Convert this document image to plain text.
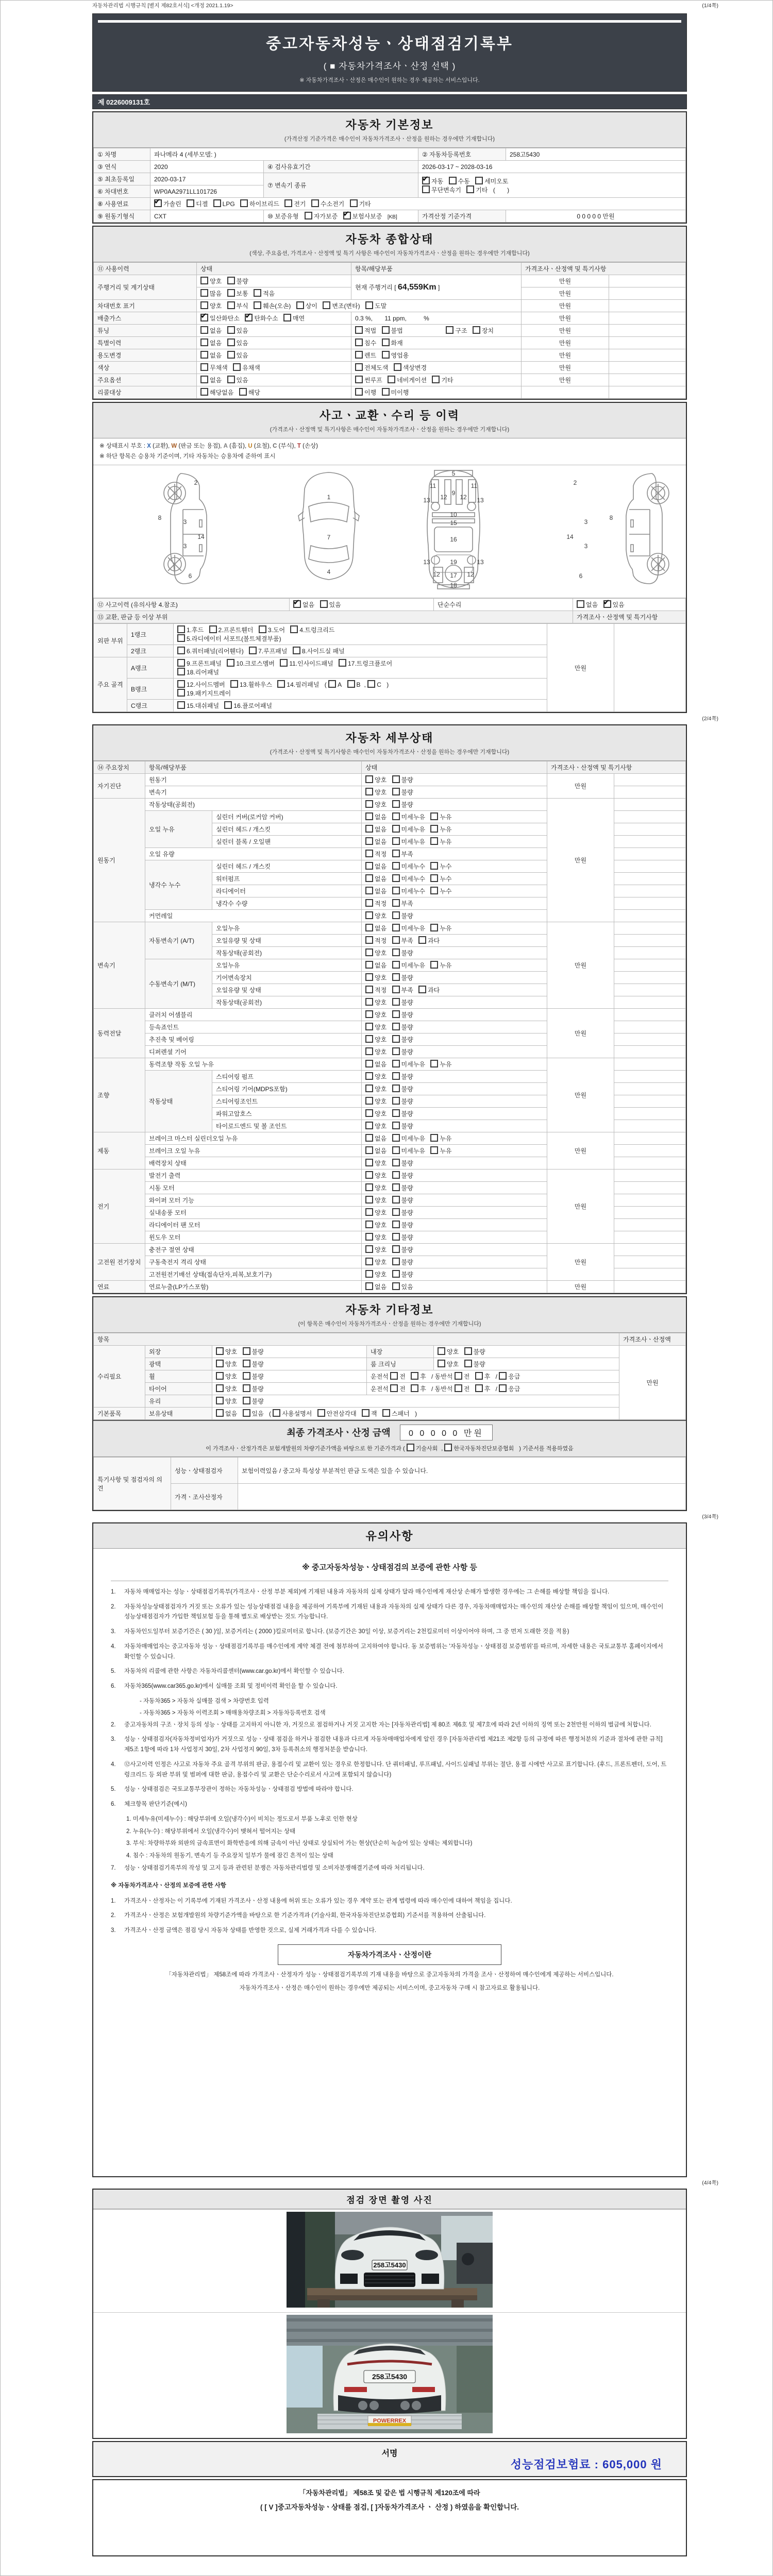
자동차관리법 시행규칙 [별지 제82호서식] <개정 2021.1.19>	(1/4쪽)
중고자동차성능ㆍ상태점검기록부
( ■ 자동차가격조사ㆍ산정 선택 )
※ 자동차가격조사ㆍ산정은 매수인이 원하는 경우 제공하는 서비스입니다.
제 0226009131호
자동차 기본정보
(가격산정 기준가격은 매수인이 자동차가격조사ㆍ산정을 원하는 경우에만 기재합니다)
① 차명	파나메라 4 (세부모델: )		② 자동차등록번호	258고5430
③ 연식	2020	④ 검사유효기간	2026-03-17 ~ 2028-03-16	
⑤ 최초등록일	2020-03-17	⑦ 변속기 종류	
✔자동 수동 세미오토
무단변속기 기타 (       )

⑥ 차대번호	WP0AA2971LL101726			
⑧ 사용연료	✔가솔린 디젤 LPG 하이브리드 전기 수소전기 기타
⑨ 원동기형식	CXT	⑩ 보증유형 자가보증 ✔ 보험사보증 [KB]	가격산정 기준가격	0 0 0 0 0 만원
자동차 종합상태
(색상, 주요옵션, 가격조사ㆍ산정액 및 특기 사항은 매수인이 자동차가격조사ㆍ산정을 원하는 경우에만 기재합니다)
⑪ 사용이력	상태	항목/해당부품	가격조사ㆍ산정액 및 특기사항	
주행거리 및 계기상태	양호 불량	현재 주행거리 [ 64,559Km ]	만원	
	많음 보통 적음		만원	
차대번호 표기	양호 부식 훼손(오손) 상이 변조(변타) 도말		만원	
배출가스	✔일산화탄소 ✔ 탄화수소 매연	0.3 %,       11 ppm,          %	만원	
튜닝	없음 있음	적법 불법 구조 장치	만원	
특별이력	없음 있음	침수 화재	만원	
용도변경	없음 있음	렌트 영업용	만원	
색상	무채색 유채색	전체도색 색상변경	만원	
주요옵션	없음 있음	썬루프 네비게이션 기타	만원	
리콜대상	해당없음 해당	이행 미이행		
사고ㆍ교환ㆍ수리 등 이력
(가격조사ㆍ산정액 및 특기사항은 매수인이 자동차가격조사ㆍ산정을 원하는 경우에만 기재합니다)
※ 상태표시 부호 : X (교환), W (판금 또는 용접), A (흠집), U (요철), C (부식), T (손상)
※ 하단 항목은 승용차 기준이며, 기타 자동차는 승용차에 준하여 표시
2
8
3
14
3
6
1
7
4
5
11
9
11
13 12 12 13
10
15
16
19
13	13
12 17 12
18
2
8
3
14
3
6
⑫ 사고이력 (유의사항 4.참조)	✔없음 있음	단순수리	없음 ✔ 있음
⑬ 교환, 판금 등 이상 부위			가격조사ㆍ산정액 및 특기사항
외판 부위	1랭크	1.후드 2.프론트휀더 3.도어 4.트렁크리드
5.라디에이터 서포트(볼트체결부품)	만원	
	2랭크	6.쿼터패널(리어휀다) 7.루프패널 8.사이드실 패널		

주요 골격	A랭크	9.프론트패널 10.크로스멤버 11.인사이드패널 17.트렁크플로어
18.리어패널		

	B랭크	12.사이드멤버 13.휠하우스 14.필러패널 ( A B , C )
19.패키지트레이		

	C랭크	15.대쉬패널 16.플로어패널		
(2/4쪽)
자동차 세부상태
(가격조사ㆍ산정액 및 특기사항은 매수인이 자동차가격조사ㆍ산정을 원하는 경우에만 기재합니다)
⑭ 주요장치	항목/해당부품		상태	가격조사ㆍ산정액 및 특기사항	
자기진단	원동기		양호 불량	만원	
	변속기		양호 불량		
원동기	작동상태(공회전)		양호 불량	만원	
	오일 누유	실린더 커버(로커암 커버)	없음 미세누유 누유		
		실린더 헤드 / 개스킷	없음 미세누유 누유		
		실린더 블록 / 오일팬	없음 미세누유 누유		
	오일 유량		적정 부족		
	냉각수 누수	실린더 헤드 / 개스킷	없음 미세누수 누수		
		워터펌프	없음 미세누수 누수		
		라디에이터	없음 미세누수 누수		
		냉각수 수량	적정 부족		
	커먼레일		양호 불량		
변속기	자동변속기 (A/T)	오일누유	없음 미세누유 누유	만원	
		오일유량 및 상태	적정 부족 과다		
		작동상태(공회전)	양호 불량		
	수동변속기 (M/T)	오일누유	없음 미세누유 누유		
		기어변속장치	양호 불량		
		오일유량 및 상태	적정 부족 과다		
		작동상태(공회전)	양호 불량		
동력전달	클러치 어셈블리		양호 불량	만원	
	등속죠인트		양호 불량		
	추진축 및 베어링		양호 불량		
	디퍼렌셜 기어		양호 불량		
조향	동력조향 작동 오일 누유		없음 미세누유 누유	만원	
	작동상태	스티어링 펌프	양호 불량		
		스티어링 기어(MDPS포함)	양호 불량		
		스티어링조인트	양호 불량		
		파워고압호스	양호 불량		
		타이로드엔드 및 볼 조인트	양호 불량		
제동	브레이크 마스터 실린더오일 누유		없음 미세누유 누유	만원	
	브레이크 오일 누유		없음 미세누유 누유		
	배력장치 상태		양호 불량		
전기	발전기 출력		양호 불량	만원	
	시동 모터		양호 불량		
	와이퍼 모터 기능		양호 불량		
	실내송풍 모터		양호 불량		
	라디에이터 팬 모터		양호 불량		
	윈도우 모터		양호 불량		
고전원 전기장치	충전구 절연 상태		양호 불량	만원	
	구동축전지 격리 상태		양호 불량		
	고전원전기배선 상태(접속단자,피복,보호기구)		양호 불량		
연료	연료누출(LP가스포함)		없음 있음	만원	
자동차 기타정보
(이 항목은 매수인이 자동차가격조사ㆍ산정을 원하는 경우에만 기재합니다)
항목					가격조사ㆍ산정액
수리필요	외장	양호 불량	내장	양호 불량	만원
	광택	양호 불량	룸 크리닝	양호 불량	
	휠	양호 불량	운전석 전 후 / 동반석 전 후 / 응급		
	타이어	양호 불량	운전석 전 후 / 동반석 전 후 / 응급		
	유리	양호 불량			
기본품목	보유상태	없음 있음 ( 사용설명서 안전삼각대 잭 스패너 )			
최종 가격조사ㆍ산정 금액 0 0 0 0 0 만원
이 가격조사ㆍ산정가격은 보험개발원의 차량기준가액을 바탕으로 한 기준가격과 ( 기술사회 , 한국자동차진단보증협회 ) 기준서를 적용하였음
특기사항 및 점검자의 의견	성능ㆍ상태점검자	보험이력있음 / 중고차 특성상 부분적인 판금 도색은 있을 수 있습니다.
	가격ㆍ조사산정자	
(3/4쪽)
유의사항
※ 중고자동차성능ㆍ상태점검의 보증에 관한 사항 등
1.	자동차 매매업자는 성능ㆍ상태점검기록부(가격조사ㆍ산정 부분 제외)에 기재된 내용과 자동차의 실제 상태가 달라 매수인에게 재산상 손해가 발생한 경우에는 그 손해를 배상할 책임을 집니다.
2.	자동차성능상태점검자가 거짓 또는 오류가 있는 성능상태점검 내용을 제공하여 기록부에 기재된 내용과 자동차의 실제 상태가 다른 경우, 자동차매매업자는 매수인의 재산상 손해를 배상할 책임이 있으며, 매수인이 성능상태점검자가 가입한 책임보험 등을 통해 별도로 배상받는 것도 가능합니다.
3.	자동차인도일부터 보증기간은 ( 30 )일, 보증거리는 ( 2000 )킬로미터로 합니다. (보증기간은 30일 이상, 보증거리는 2천킬로미터 이상이어야 하며, 그 중 먼저 도래한 것을 적용)
4.	자동차매매업자는 중고자동차 성능ㆍ상태점검기록부를 매수인에게 계약 체결 전에 첨부하여 고지하여야 합니다. 동 보증범위는 '자동차성능ㆍ상태점검 보증범위'를 따르며, 자세한 내용은 국토교통부 홈페이지에서 확인할 수 있습니다.
5.	자동차의 리콜에 관한 사항은 자동차리콜센터(www.car.go.kr)에서 확인할 수 있습니다.
6.	자동차365(www.car365.go.kr)에서 실매물 조회 및 정비이력 확인을 할 수 있습니다.
- 자동차365 > 자동차 실매물 검색 > 차량번호 입력
- 자동차365 > 자동차 이력조회 > 매매용차량조회 > 자동차등록번호 검색
2.	중고자동차의 구조ㆍ장치 등의 성능ㆍ상태를 고지하지 아니한 자, 거짓으로 점검하거나 거짓 고지한 자는 [자동차관리법] 제 80조 제6호 및 제7호에 따라 2년 이하의 징역 또는 2천만원 이하의 벌금에 처합니다.
3.	성능ㆍ상태점검자(자동차정비업자)가 거짓으로 성능ㆍ상태 점검을 하거나 점검한 내용과 다르게 자동차매매업자에게 알린 경우 [자동차관리법 제21조 제2항 등의 규정에 따른 행정처분의 기준과 절차에 관한 규칙] 제5조 1항에 따라 1차 사업정지 30일, 2차 사업정지 90일, 3차 등록취소의 행정처분을 받습니다.
4.	⑫사고이력 인정은 사고로 자동차 주요 골격 부위의 판금, 용접수리 및 교환이 있는 경우로 한정합니다. 단 쿼터패널, 루프패널, 사이드실패널 부위는 절단, 용접 시에만 사고로 표기합니다. (후드, 프론트펜더, 도어, 트렁크리드 등 외판 부위 및 범퍼에 대한 판금, 용접수리 및 교환은 단순수리로서 사고에 포함되지 않습니다)
5.	성능ㆍ상태점검은 국토교통부장관이 정하는 자동차성능ㆍ상태점검 방법에 따라야 합니다.
6.	체크항목 판단기준(예시)
1. 미세누유(미세누수) : 해당부위에 오일(냉각수)이 비치는 정도로서 부품 노후로 인한 현상
2. 누유(누수) : 해당부위에서 오일(냉각수)이 맺혀서 떨어지는 상태
3. 부식: 차량하부와 외판의 금속표면이 화학반응에 의해 금속이 아닌 상태로 상실되어 가는 현상(단순히 녹슬어 있는 상태는 제외합니다)
4. 침수 : 자동차의 원동기, 변속기 등 주요장치 일부가 물에 잠긴 흔적이 있는 상태
7.	성능ㆍ상태점검기록부의 작성 및 고지 등과 관련된 분쟁은 자동차관리법령 및 소비자분쟁해결기준에 따라 처리됩니다.
※ 자동차가격조사ㆍ산정의 보증에 관한 사항
1.	가격조사ㆍ산정자는 이 기록부에 기재된 가격조사ㆍ산정 내용에 허위 또는 오류가 있는 경우 계약 또는 관계 법령에 따라 매수인에 대하여 책임을 집니다.
2.	가격조사ㆍ산정은 보험개발원의 차량기준가액을 바탕으로 한 기준가격과 (기술사회, 한국자동차진단보증협회) 기준서를 적용하여 산출됩니다.
3.	가격조사ㆍ산정 금액은 점검 당시 자동차 상태를 반영한 것으로, 실제 거래가격과 다를 수 있습니다.
자동차가격조사ㆍ산정이란
「자동차관리법」 제58조에 따라 가격조사ㆍ산정자가 성능ㆍ상태점검기록부의 기재 내용을 바탕으로 중고자동차의 가격을 조사ㆍ산정하여 매수인에게 제공하는 서비스입니다.
자동차가격조사ㆍ산정은 매수인이 원하는 경우에만 제공되는 서비스이며, 중고자동차 구매 시 참고자료로 활용됩니다.
(4/4쪽)
점검 장면 촬영 사진
258고5430
258고5430
POWERREX
서명
성능점검보험료 : 605,000 원
「자동차관리법」 제58조 및 같은 법 시행규칙 제120조에 따라
( [ V ]중고자동차성능ㆍ상태를 점검, [ ]자동차가격조사 ㆍ 산정 ) 하였음을 확인합니다.
